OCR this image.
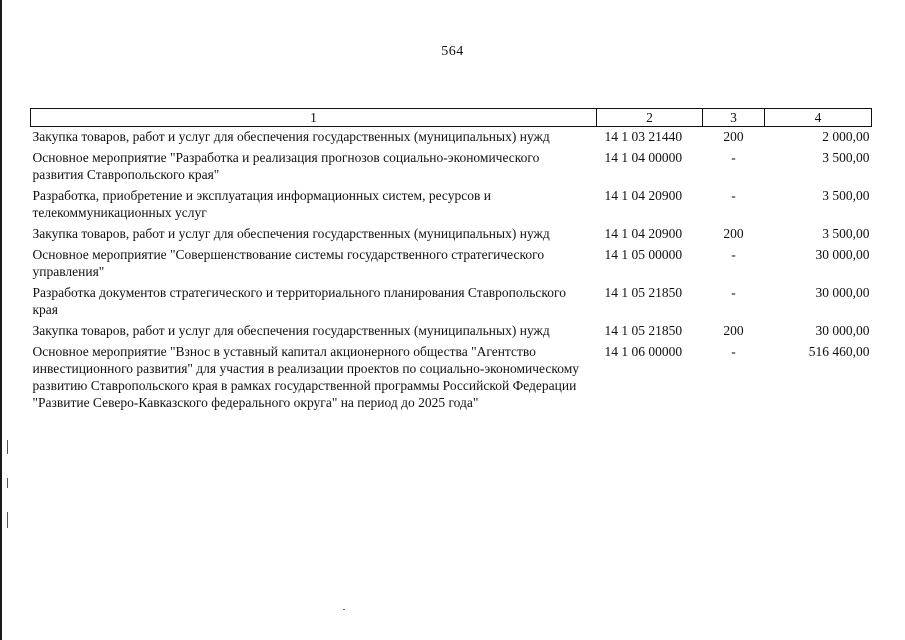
564
1	2	3	4
Закупка товаров, работ и услуг для обеспечения государственных (муниципальных) нужд	14 1 03 21440	200	2 000,00
Основное мероприятие "Разработка и реализация прогнозов социально-экономического развития Ставропольского края"	14 1 04 00000	-	3 500,00
Разработка, приобретение и эксплуатация информационных систем, ресурсов и телекоммуникационных услуг	14 1 04 20900	-	3 500,00
Закупка товаров, работ и услуг для обеспечения государственных (муниципальных) нужд	14 1 04 20900	200	3 500,00
Основное мероприятие "Совершенствование системы государственного стратегического управления"	14 1 05 00000	-	30 000,00
Разработка документов стратегического и территориального планирования Ставропольского края	14 1 05 21850	-	30 000,00
Закупка товаров, работ и услуг для обеспечения государственных (муниципальных) нужд	14 1 05 21850	200	30 000,00
Основное мероприятие "Взнос в уставный капитал акционерного общества "Агентство инвестиционного развития" для участия в реализации проектов по социально-экономическому развитию Ставропольского края в рамках государственной программы Российской Федерации "Развитие Северо-Кавказского федерального округа" на период до 2025 года"	14 1 06 00000	-	516 460,00
